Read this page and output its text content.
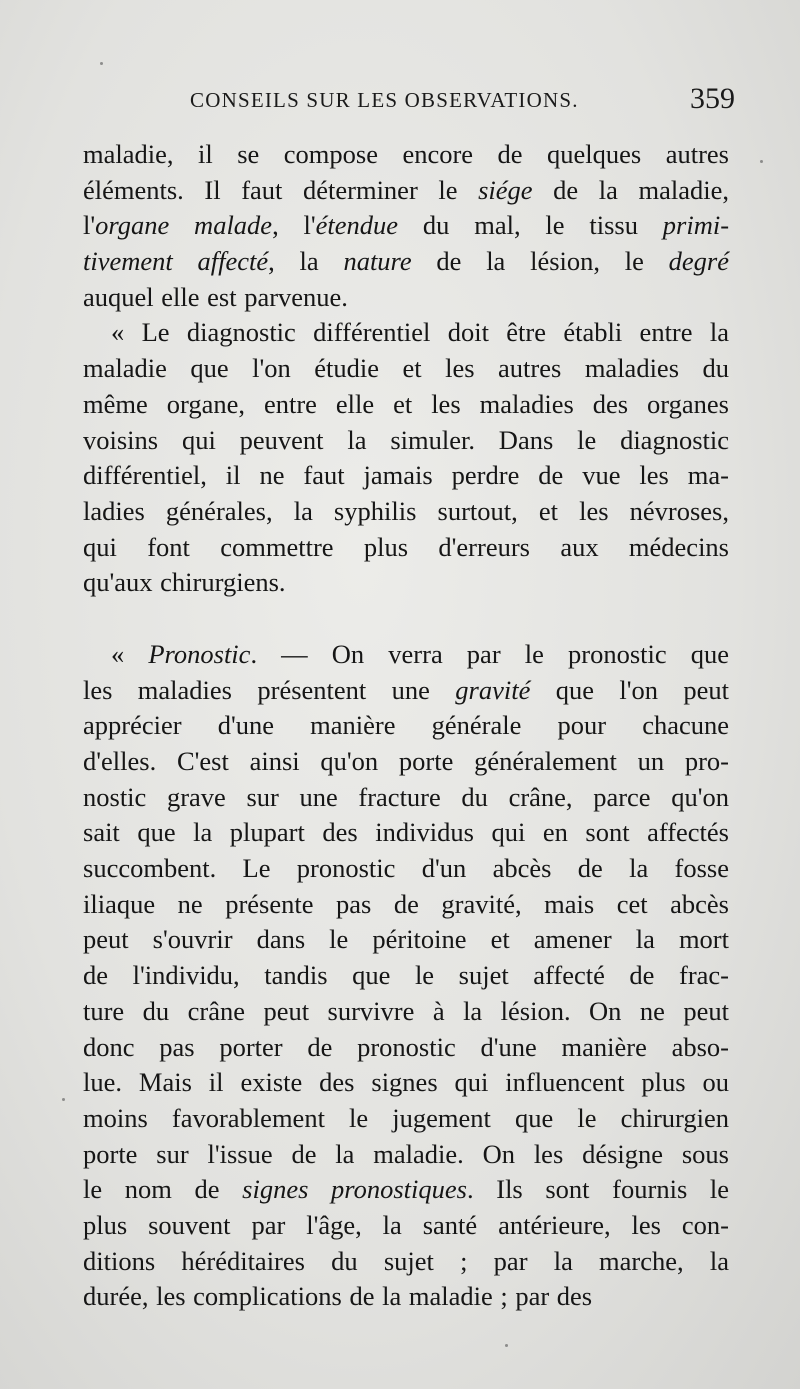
CONSEILS SUR LES OBSERVATIONS.	359
maladie, il se compose encore de quelques autres
éléments. Il faut déterminer le siége de la maladie,
l'organe malade, l'étendue du mal, le tissu primi-
tivement affecté, la nature de la lésion, le degré
auquel elle est parvenue.
« Le diagnostic différentiel doit être établi entre la
maladie que l'on étudie et les autres maladies du
même organe, entre elle et les maladies des organes
voisins qui peuvent la simuler. Dans le diagnostic
différentiel, il ne faut jamais perdre de vue les ma-
ladies générales, la syphilis surtout, et les névroses,
qui font commettre plus d'erreurs aux médecins
qu'aux chirurgiens.
« Pronostic. — On verra par le pronostic que
les maladies présentent une gravité que l'on peut
apprécier d'une manière générale pour chacune
d'elles. C'est ainsi qu'on porte généralement un pro-
nostic grave sur une fracture du crâne, parce qu'on
sait que la plupart des individus qui en sont affectés
succombent. Le pronostic d'un abcès de la fosse
iliaque ne présente pas de gravité, mais cet abcès
peut s'ouvrir dans le péritoine et amener la mort
de l'individu, tandis que le sujet affecté de frac-
ture du crâne peut survivre à la lésion. On ne peut
donc pas porter de pronostic d'une manière abso-
lue. Mais il existe des signes qui influencent plus ou
moins favorablement le jugement que le chirurgien
porte sur l'issue de la maladie. On les désigne sous
le nom de signes pronostiques. Ils sont fournis le
plus souvent par l'âge, la santé antérieure, les con-
ditions héréditaires du sujet ; par la marche, la
durée, les complications de la maladie ; par des
